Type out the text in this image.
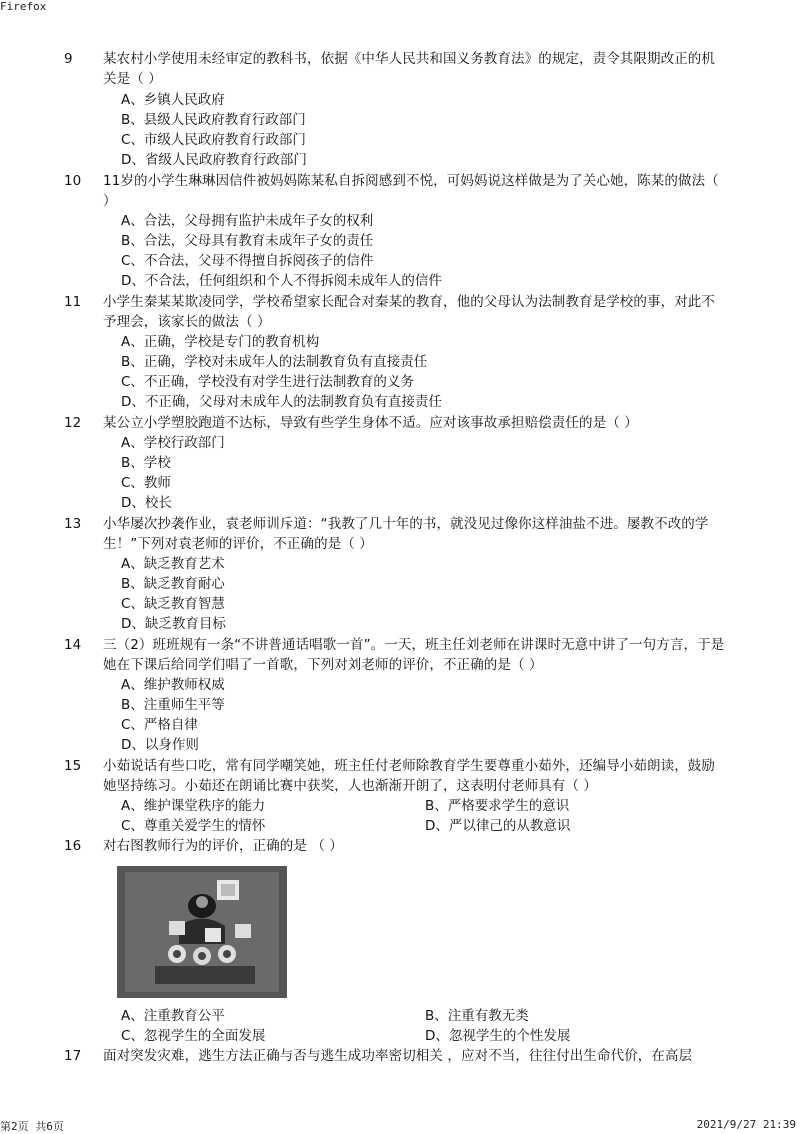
Firefox
9 某农村小学使用未经审定的教科书，依据《中华人民共和国义务教育法》的规定，责令其限期改正的机关是（ ）
A、乡镇人民政府
B、县级人民政府教育行政部门
C、市级人民政府教育行政部门
D、省级人民政府教育行政部门
10 11岁的小学生琳琳因信件被妈妈陈某私自拆阅感到不悦，可妈妈说这样做是为了关心她，陈某的做法（ ）
A、合法，父母拥有监护未成年子女的权利
B、合法，父母具有教育未成年子女的责任
C、不合法，父母不得擅自拆阅孩子的信件
D、不合法，任何组织和个人不得拆阅未成年人的信件
11 小学生秦某某欺凌同学，学校希望家长配合对秦某的教育，他的父母认为法制教育是学校的事，对此不予理会，该家长的做法（ ）
A、正确，学校是专门的教育机构
B、正确，学校对未成年人的法制教育负有直接责任
C、不正确，学校没有对学生进行法制教育的义务
D、不正确，父母对未成年人的法制教育负有直接责任
12 某公立小学塑胶跑道不达标，导致有些学生身体不适。应对该事故承担赔偿责任的是（ ）
A、学校行政部门
B、学校
C、教师
D、校长
13 小华屡次抄袭作业，袁老师训斥道：“我教了几十年的书，就没见过像你这样油盐不进。屡教不改的学生！”下列对袁老师的评价，不正确的是（ ）
A、缺乏教育艺术
B、缺乏教育耐心
C、缺乏教育智慧
D、缺乏教育目标
14 三（2）班班规有一条“不讲普通话唱歌一首”。一天，班主任刘老师在讲课时无意中讲了一句方言，于是她在下课后给同学们唱了一首歌，下列对刘老师的评价，不正确的是（ ）
A、维护教师权威
B、注重师生平等
C、严格自律
D、以身作则
15 小茹说话有些口吃，常有同学嘲笑她，班主任付老师除教育学生要尊重小茹外，还编导小茹朗读，鼓励她坚持练习。小茹还在朗诵比赛中获奖，人也渐渐开朗了，这表明付老师具有（ ）
A、维护课堂秩序的能力	B、严格要求学生的意识
C、尊重关爱学生的情怀	D、严以律己的从教意识
16 对右图教师行为的评价，正确的是 （ ）
A、注重教育公平	B、注重有教无类
C、忽视学生的全面发展	D、忽视学生的个性发展
17 面对突发灾难，逃生方法正确与否与逃生成功率密切相关 ，应对不当，往往付出生命代价，在高层
第2页 共6页	2021/9/27 21:39
